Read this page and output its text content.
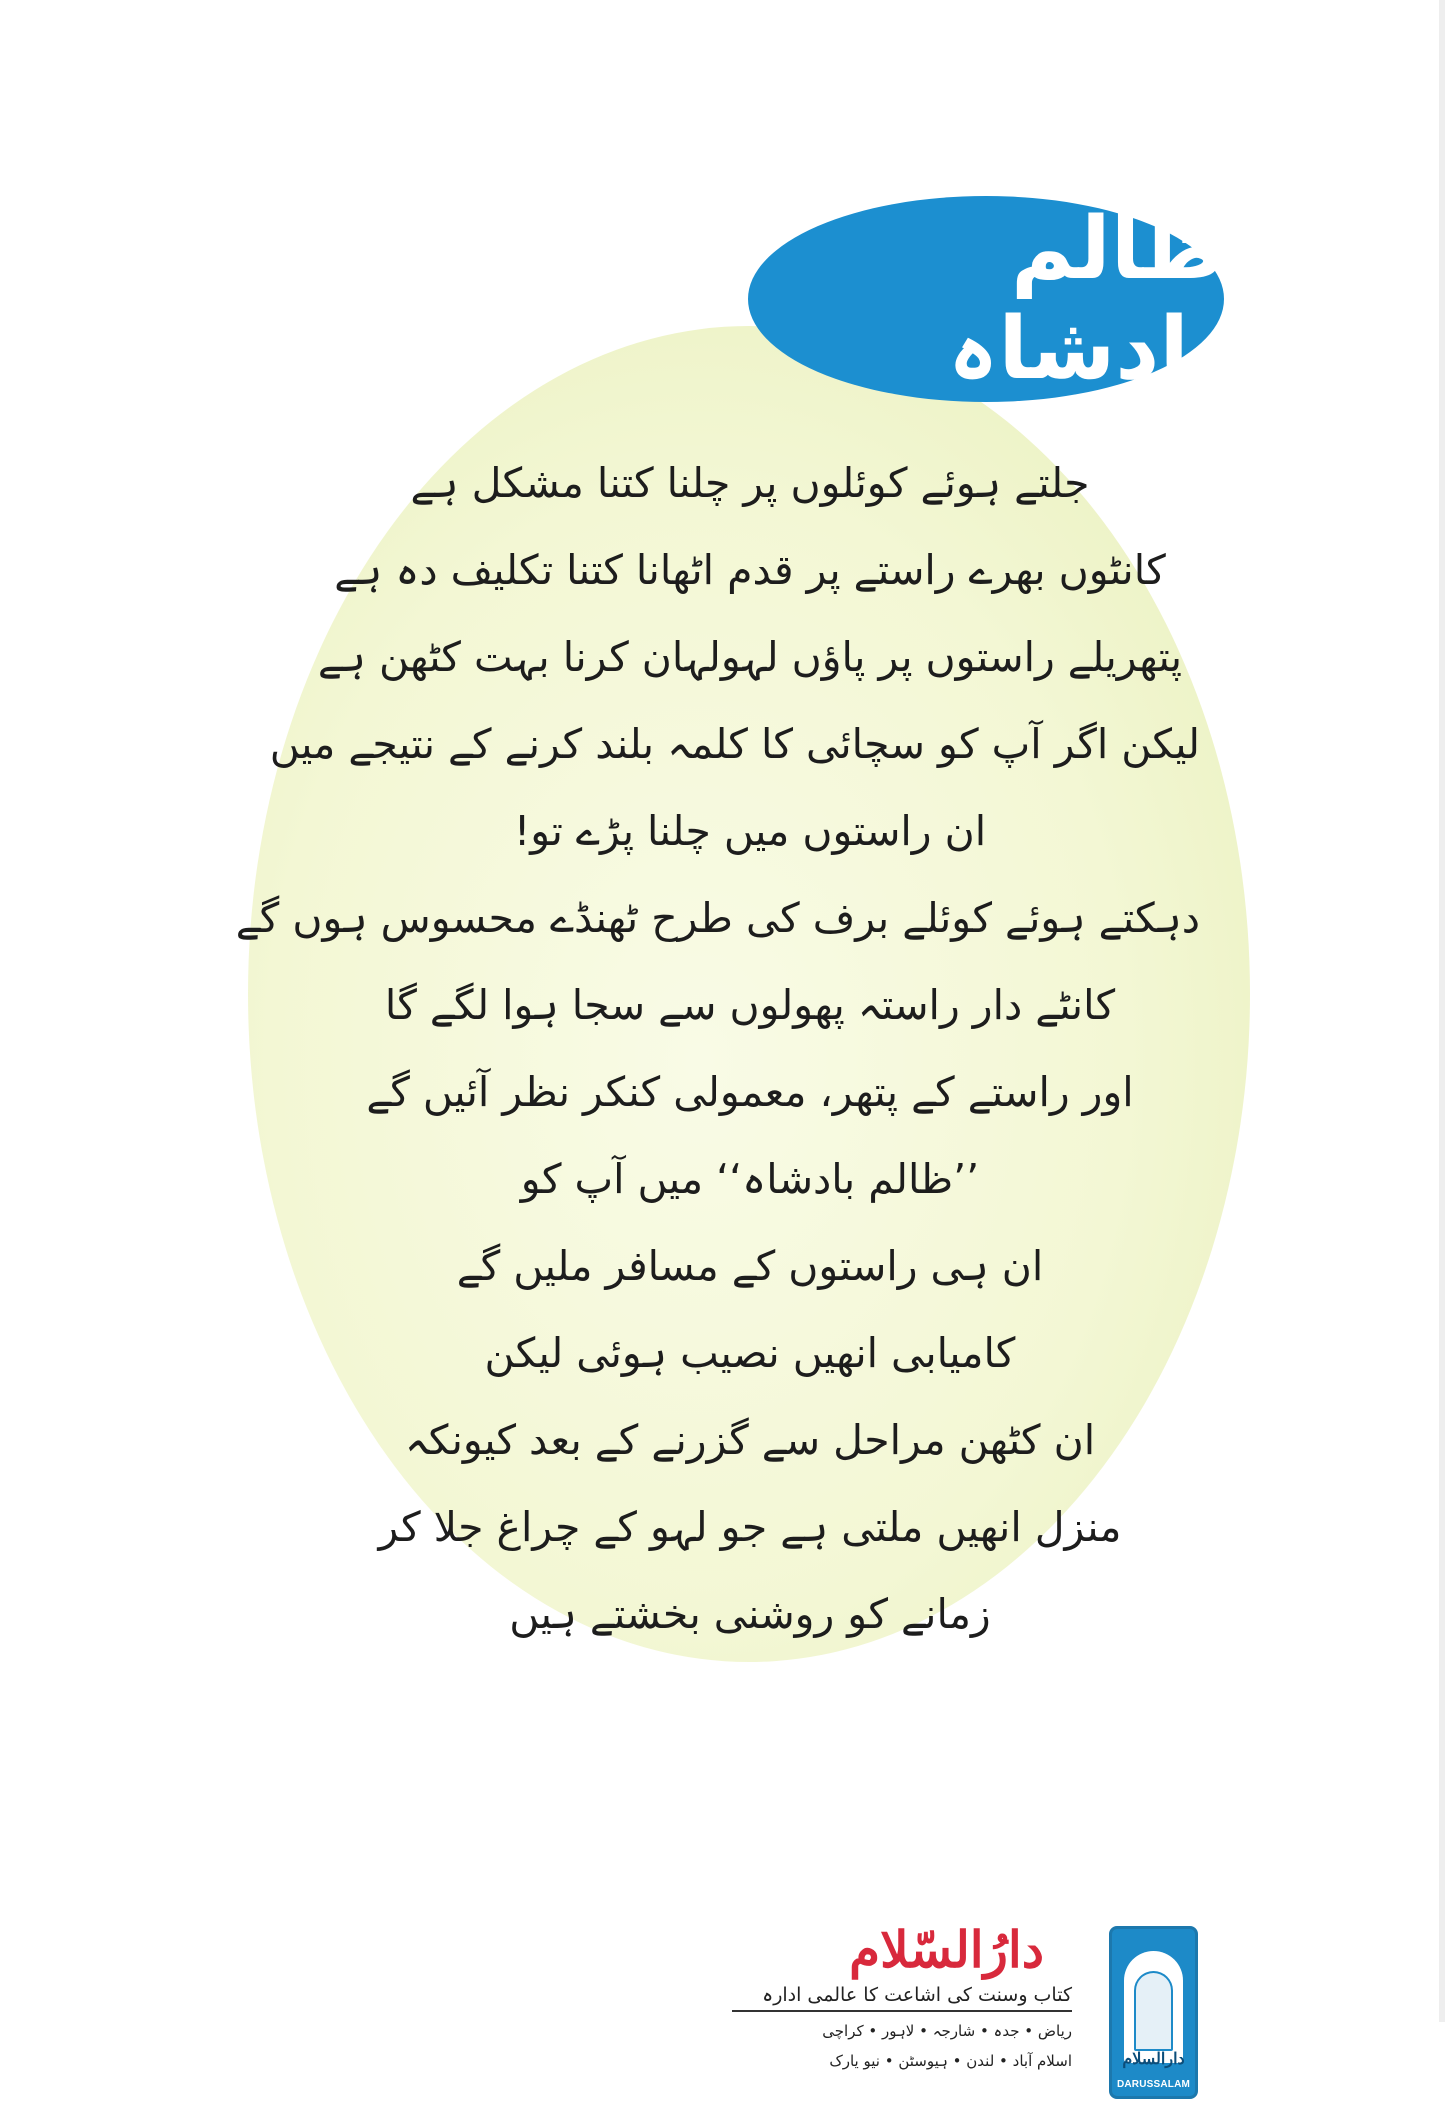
ظالم بادشاہ
جلتے ہوئے کوئلوں پر چلنا کتنا مشکل ہے
کانٹوں بھرے راستے پر قدم اٹھانا کتنا تکلیف دہ ہے
پتھریلے راستوں پر پاؤں لہولہان کرنا بہت کٹھن ہے
لیکن اگر آپ کو سچائی کا کلمہ بلند کرنے کے نتیجے میں
ان راستوں میں چلنا پڑے تو!
دہکتے ہوئے کوئلے برف کی طرح ٹھنڈے محسوس ہوں گے
کانٹے دار راستہ پھولوں سے سجا ہوا لگے گا
اور راستے کے پتھر، معمولی کنکر نظر آئیں گے
’’ظالم بادشاہ‘‘ میں آپ کو
ان ہی راستوں کے مسافر ملیں گے
کامیابی انھیں نصیب ہوئی لیکن
ان کٹھن مراحل سے گزرنے کے بعد کیونکہ
منزل انھیں ملتی ہے جو لہو کے چراغ جلا کر
زمانے کو روشنی بخشتے ہیں
دارُالسّلام
کتاب وسنت کی اشاعت کا عالمی ادارہ
ریاض • جدہ • شارجہ • لاہور • کراچی
اسلام آباد • لندن • ہیوسٹن • نیو یارک	دارالسلام
DARUSSALAM
